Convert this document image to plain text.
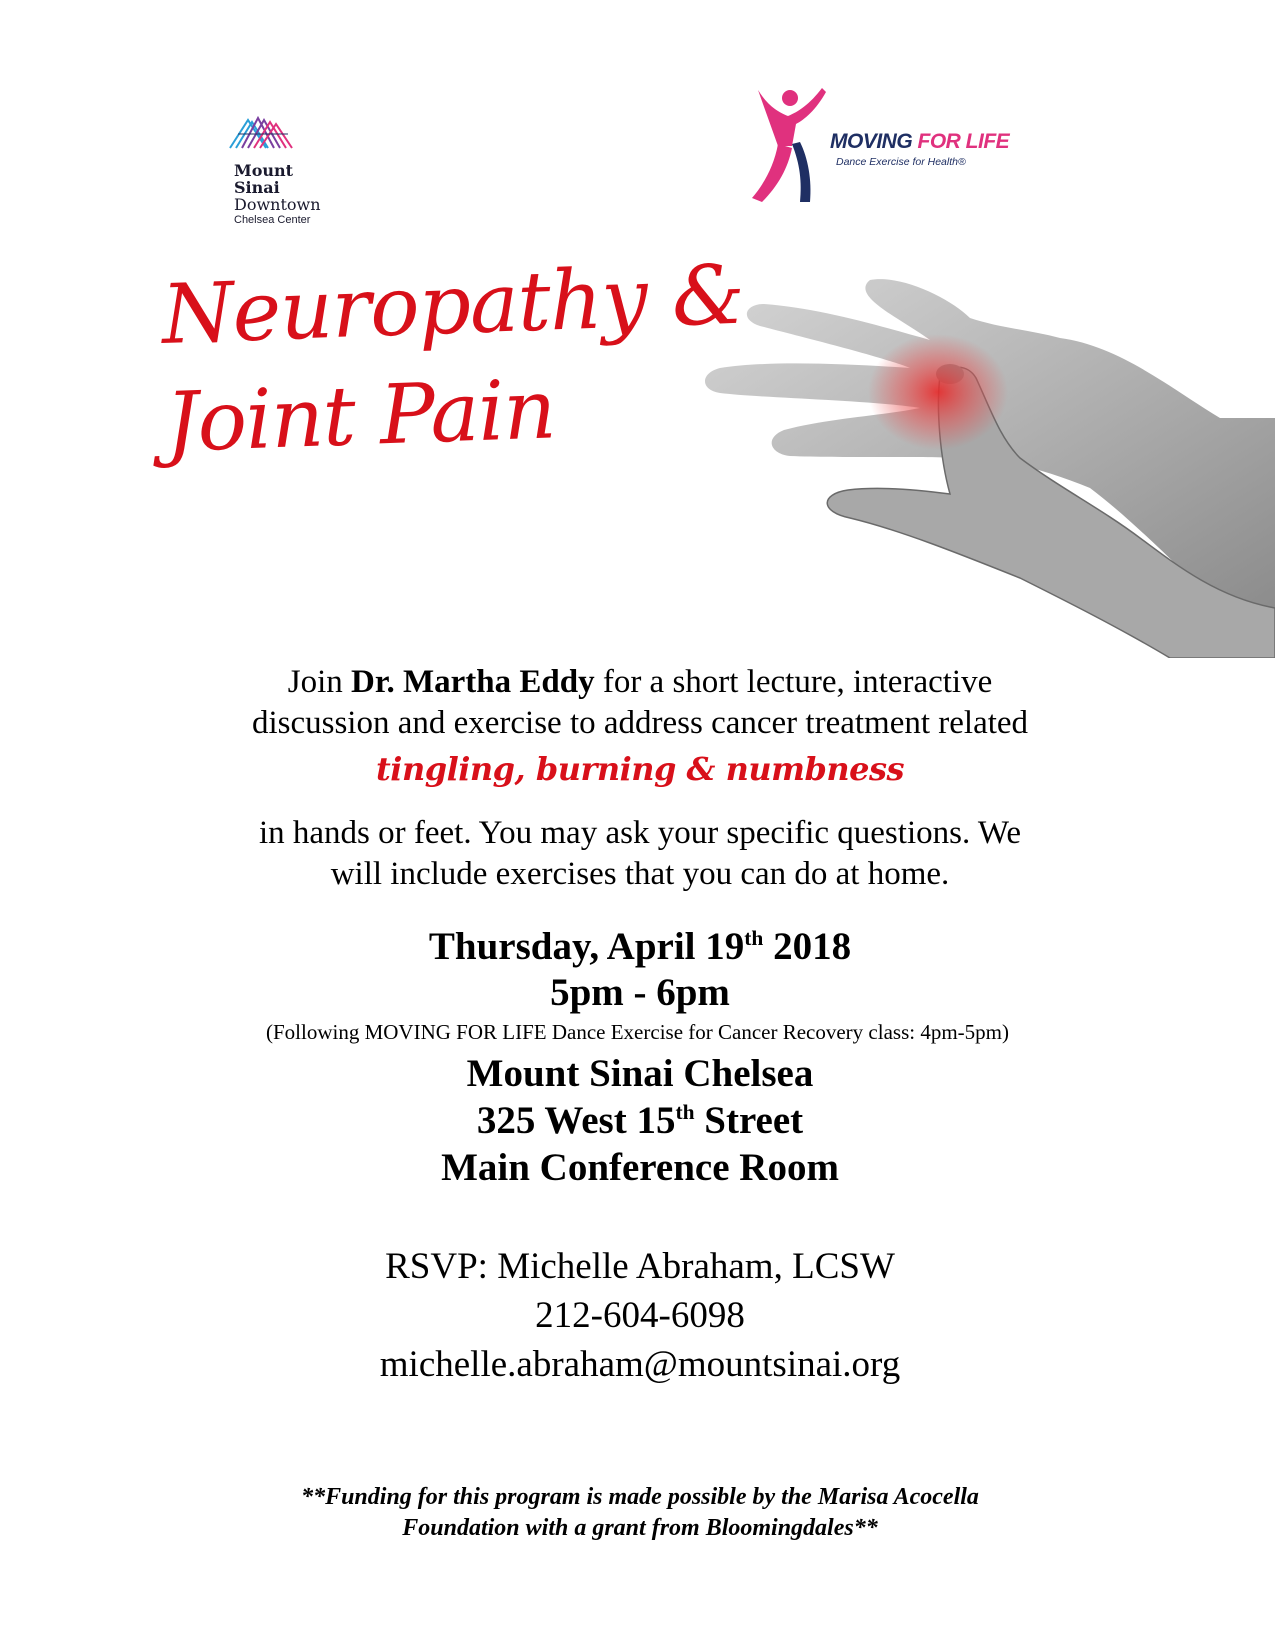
Mount
Sinai
Downtown
Chelsea Center
MOVING FOR LIFE
Dance Exercise for Health®
Neuropathy &
Joint Pain
Join Dr. Martha Eddy for a short lecture, interactive
discussion and exercise to address cancer treatment related
tingling, burning & numbness
in hands or feet. You may ask your specific questions. We
will include exercises that you can do at home.
Thursday, April 19th 2018
5pm - 6pm
(Following MOVING FOR LIFE Dance Exercise for Cancer Recovery class: 4pm-5pm)
Mount Sinai Chelsea
325 West 15th Street
Main Conference Room
RSVP: Michelle Abraham, LCSW
212-604-6098
michelle.abraham@mountsinai.org
**Funding for this program is made possible by the Marisa Acocella
Foundation with a grant from Bloomingdales**
